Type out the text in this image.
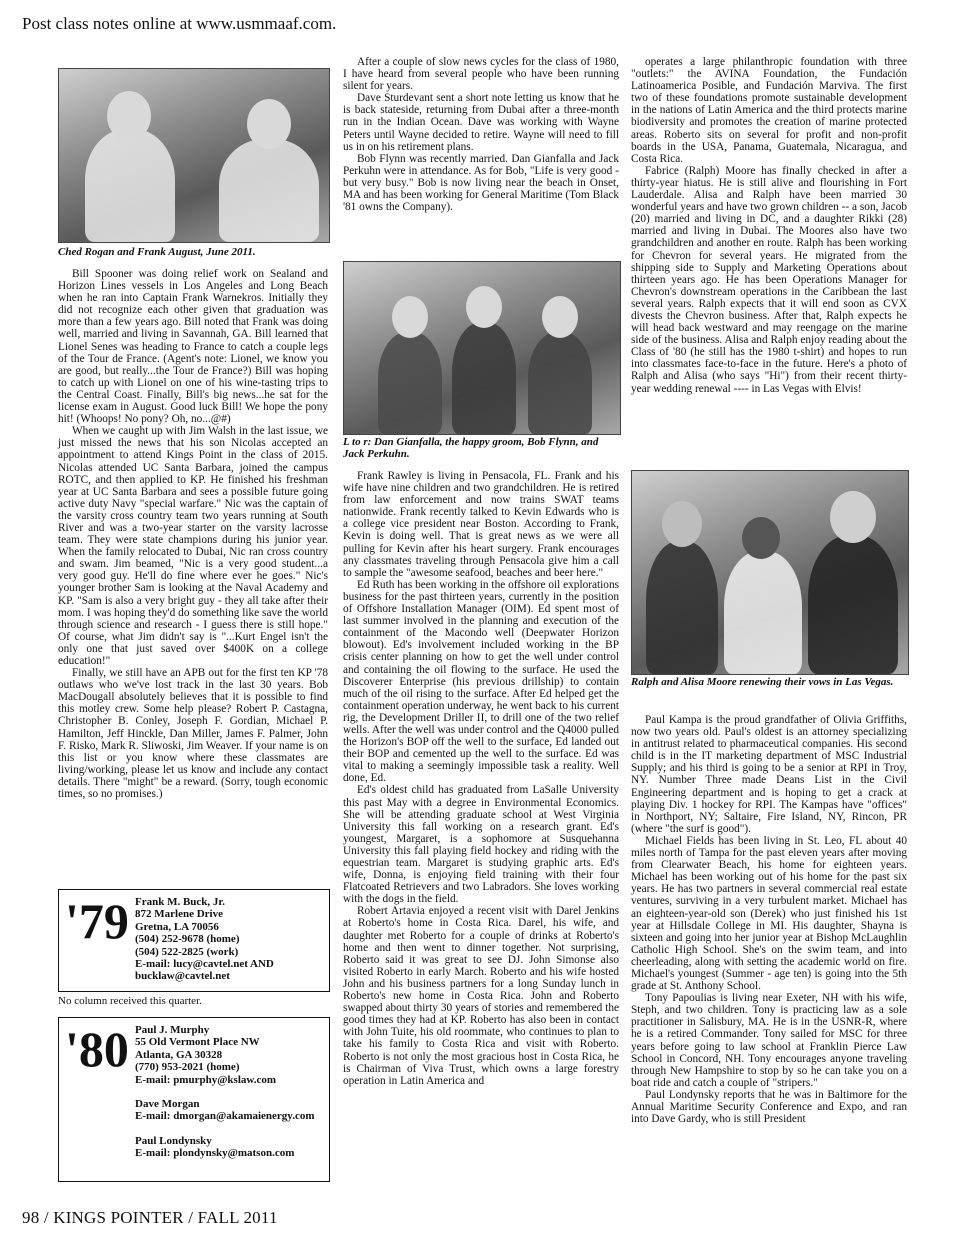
Post class notes online at www.usmmaaf.com.
Ched Rogan and Frank August, June 2011.

Bill Spooner was doing relief work on Sealand and Horizon Lines vessels in Los Angeles and Long Beach when he ran into Captain Frank Warnekros. Initially they did not recognize each other given that graduation was more than a few years ago. Bill noted that Frank was doing well, married and living in Savannah, GA. Bill learned that Lionel Senes was heading to France to catch a couple legs of the Tour de France. (Agent's note: Lionel, we know you are good, but really...the Tour de France?) Bill was hoping to catch up with Lionel on one of his wine-tasting trips to the Central Coast. Finally, Bill's big news...he sat for the license exam in August. Good luck Bill! We hope the pony hit! (Whoops! No pony? Oh, no...@#)

When we caught up with Jim Walsh in the last issue, we just missed the news that his son Nicolas accepted an appointment to attend Kings Point in the class of 2015. Nicolas attended UC Santa Barbara, joined the campus ROTC, and then applied to KP. He finished his freshman year at UC Santa Barbara and sees a possible future going active duty Navy "special warfare." Nic was the captain of the varsity cross country team two years running at South River and was a two-year starter on the varsity lacrosse team. They were state champions during his junior year. When the family relocated to Dubai, Nic ran cross country and swam. Jim beamed, "Nic is a very good student...a very good guy. He'll do fine where ever he goes." Nic's younger brother Sam is looking at the Naval Academy and KP. "Sam is also a very bright guy - they all take after their mom. I was hoping they'd do something like save the world through science and research - I guess there is still hope." Of course, what Jim didn't say is "...Kurt Engel isn't the only one that just saved over $400K on a college education!"

Finally, we still have an APB out for the first ten KP '78 outlaws who we've lost track in the last 30 years. Bob MacDougall absolutely believes that it is possible to find this motley crew. Some help please? Robert P. Castagna, Christopher B. Conley, Joseph F. Gordian, Michael P. Hamilton, Jeff Hinckle, Dan Miller, James F. Palmer, John F. Risko, Mark R. Sliwoski, Jim Weaver. If your name is on this list or you know where these classmates are living/working, please let us know and include any contact details. There "might" be a reward. (Sorry, tough economic times, so no promises.)

'79 Frank M. Buck, Jr.
872 Marlene Drive
Gretna, LA 70056
(504) 252-9678 (home)
(504) 522-2825 (work)
E-mail: lucy@cavtel.net AND
bucklaw@cavtel.net
No column received this quarter.
'80 Paul J. Murphy
55 Old Vermont Place NW
Atlanta, GA 30328
(770) 953-2021 (home)
E-mail: pmurphy@kslaw.com
Dave Morgan
E-mail: dmorgan@akamaienergy.com
Paul Londynsky
E-mail: plondynsky@matson.com

After a couple of slow news cycles for the class of 1980, I have heard from several people who have been running silent for years.

Dave Sturdevant sent a short note letting us know that he is back stateside, returning from Dubai after a three-month run in the Indian Ocean. Dave was working with Wayne Peters until Wayne decided to retire. Wayne will need to fill us in on his retirement plans.

Bob Flynn was recently married. Dan Gianfalla and Jack Perkuhn were in attendance. As for Bob, "Life is very good - but very busy." Bob is now living near the beach in Onset, MA and has been working for General Maritime (Tom Black '81 owns the Company).

L to r: Dan Gianfalla, the happy groom, Bob Flynn, and Jack Perkuhn.

Frank Rawley is living in Pensacola, FL. Frank and his wife have nine children and two grandchildren. He is retired from law enforcement and now trains SWAT teams nationwide. Frank recently talked to Kevin Edwards who is a college vice president near Boston. According to Frank, Kevin is doing well. That is great news as we were all pulling for Kevin after his heart surgery. Frank encourages any classmates traveling through Pensacola give him a call to sample the "awesome seafood, beaches and beer here."

Ed Ruth has been working in the offshore oil explorations business for the past thirteen years, currently in the position of Offshore Installation Manager (OIM). Ed spent most of last summer involved in the planning and execution of the containment of the Macondo well (Deepwater Horizon blowout). Ed's involvement included working in the BP crisis center planning on how to get the well under control and containing the oil flowing to the surface. He used the Discoverer Enterprise (his previous drillship) to contain much of the oil rising to the surface. After Ed helped get the containment operation underway, he went back to his current rig, the Development Driller II, to drill one of the two relief wells. After the well was under control and the Q4000 pulled the Horizon's BOP off the well to the surface, Ed landed out their BOP and cemented up the well to the surface. Ed was vital to making a seemingly impossible task a reality. Well done, Ed.

Ed's oldest child has graduated from LaSalle University this past May with a degree in Environmental Economics. She will be attending graduate school at West Virginia University this fall working on a research grant. Ed's youngest, Margaret, is a sophomore at Susquehanna University this fall playing field hockey and riding with the equestrian team. Margaret is studying graphic arts. Ed's wife, Donna, is enjoying field training with their four Flatcoated Retrievers and two Labradors. She loves working with the dogs in the field.

Robert Artavia enjoyed a recent visit with Darel Jenkins at Roberto's home in Costa Rica. Darel, his wife, and daughter met Roberto for a couple of drinks at Roberto's home and then went to dinner together. Not surprising, Roberto said it was great to see DJ. John Simonse also visited Roberto in early March. Roberto and his wife hosted John and his business partners for a long Sunday lunch in Roberto's new home in Costa Rica. John and Roberto swapped about thirty 30 years of stories and remembered the good times they had at KP. Roberto has also been in contact with John Tuite, his old roommate, who continues to plan to take his family to Costa Rica and visit with Roberto. Roberto is not only the most gracious host in Costa Rica, he is Chairman of Viva Trust, which owns a large forestry operation in Latin America and

operates a large philanthropic foundation with three "outlets:" the AVINA Foundation, the Fundación Latinoamerica Posible, and Fundación Marviva. The first two of these foundations promote sustainable development in the nations of Latin America and the third protects marine biodiversity and promotes the creation of marine protected areas. Roberto sits on several for profit and non-profit boards in the USA, Panama, Guatemala, Nicaragua, and Costa Rica.

Fabrice (Ralph) Moore has finally checked in after a thirty-year hiatus. He is still alive and flourishing in Fort Lauderdale. Alisa and Ralph have been married 30 wonderful years and have two grown children -- a son, Jacob (20) married and living in DC, and a daughter Rikki (28) married and living in Dubai. The Moores also have two grandchildren and another en route. Ralph has been working for Chevron for several years. He migrated from the shipping side to Supply and Marketing Operations about thirteen years ago. He has been Operations Manager for Chevron's downstream operations in the Caribbean the last several years. Ralph expects that it will end soon as CVX divests the Chevron business. After that, Ralph expects he will head back westward and may reengage on the marine side of the business. Alisa and Ralph enjoy reading about the Class of '80 (he still has the 1980 t-shirt) and hopes to run into classmates face-to-face in the future. Here's a photo of Ralph and Alisa (who says "Hi") from their recent thirty-year wedding renewal ---- in Las Vegas with Elvis!

Ralph and Alisa Moore renewing their vows in Las Vegas.

Paul Kampa is the proud grandfather of Olivia Griffiths, now two years old. Paul's oldest is an attorney specializing in antitrust related to pharmaceutical companies. His second child is in the IT marketing department of MSC Industrial Supply; and his third is going to be a senior at RPI in Troy, NY. Number Three made Deans List in the Civil Engineering department and is hoping to get a crack at playing Div. 1 hockey for RPI. The Kampas have "offices" in Northport, NY; Saltaire, Fire Island, NY, Rincon, PR (where "the surf is good").

Michael Fields has been living in St. Leo, FL about 40 miles north of Tampa for the past eleven years after moving from Clearwater Beach, his home for eighteen years. Michael has been working out of his home for the past six years. He has two partners in several commercial real estate ventures, surviving in a very turbulent market. Michael has an eighteen-year-old son (Derek) who just finished his 1st year at Hillsdale College in MI. His daughter, Shayna is sixteen and going into her junior year at Bishop McLaughlin Catholic High School. She's on the swim team, and into cheerleading, along with setting the academic world on fire. Michael's youngest (Summer - age ten) is going into the 5th grade at St. Anthony School.

Tony Papoulias is living near Exeter, NH with his wife, Steph, and two children. Tony is practicing law as a sole practitioner in Salisbury, MA. He is in the USNR-R, where he is a retired Commander. Tony sailed for MSC for three years before going to law school at Franklin Pierce Law School in Concord, NH. Tony encourages anyone traveling through New Hampshire to stop by so he can take you on a boat ride and catch a couple of "stripers."

Paul Londynsky reports that he was in Baltimore for the Annual Maritime Security Conference and Expo, and ran into Dave Gardy, who is still President

98 / KINGS POINTER / FALL 2011
